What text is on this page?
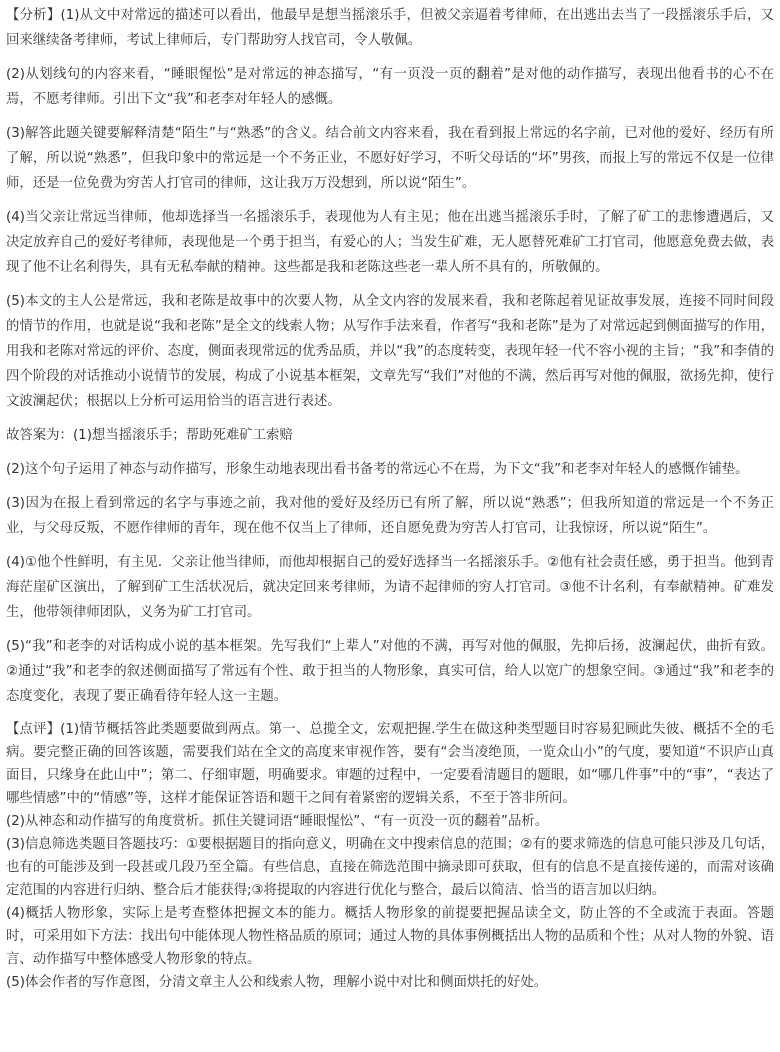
【分析】(1)从文中对常远的描述可以看出，他最早是想当摇滚乐手，但被父亲逼着考律师，在出逃出去当了一段摇滚乐手后，又回来继续备考律师，考试上律师后，专门帮助穷人找官司，令人敬佩。

(2)从划线句的内容来看，“睡眼惺忪”是对常远的神态描写，“有一页没一页的翻着”是对他的动作描写，表现出他看书的心不在焉，不愿考律师。引出下文“我”和老李对年轻人的感慨。

(3)解答此题关键要解释清楚“陌生”与“熟悉”的含义。结合前文内容来看，我在看到报上常远的名字前，已对他的爱好、经历有所了解，所以说“熟悉”，但我印象中的常远是一个不务正业，不愿好好学习，不听父母话的“坏”男孩，而报上写的常远不仅是一位律师，还是一位免费为穷苦人打官司的律师，这让我万万没想到，所以说“陌生”。

(4)当父亲让常远当律师，他却选择当一名摇滚乐手，表现他为人有主见；他在出逃当摇滚乐手时，了解了矿工的悲惨遭遇后，又决定放弃自己的爱好考律师，表现他是一个勇于担当，有爱心的人；当发生矿难，无人愿替死难矿工打官司，他愿意免费去做，表现了他不让名利得失，具有无私奉献的精神。这些都是我和老陈这些老一辈人所不具有的，所敬佩的。

(5)本文的主人公是常远，我和老陈是故事中的次要人物，从全文内容的发展来看，我和老陈起着见证故事发展，连接不同时间段的情节的作用，也就是说“我和老陈”是全文的线索人物；从写作手法来看，作者写“我和老陈”是为了对常远起到侧面描写的作用，用我和老陈对常远的评价、态度，侧面表现常远的优秀品质，并以“我”的态度转变，表现年轻一代不容小视的主旨；“我”和李倩的四个阶段的对话推动小说情节的发展，构成了小说基本框架，文章先写“我们”对他的不满，然后再写对他的佩服，欲扬先抑，使行文波澜起伏；根据以上分析可运用恰当的语言进行表述。

故答案为：(1)想当摇滚乐手；帮助死难矿工索赔

(2)这个句子运用了神态与动作描写，形象生动地表现出看书备考的常远心不在焉，为下文“我”和老李对年轻人的感慨作铺垫。

(3)因为在报上看到常远的名字与事迹之前，我对他的爱好及经历已有所了解，所以说“熟悉”；但我所知道的常远是一个不务正业，与父母反叛，不愿作律师的青年，现在他不仅当上了律师，还自愿免费为穷苦人打官司，让我惊讶，所以说“陌生”。

(4)①他个性鲜明，有主见．父亲让他当律师，而他却根据自己的爱好选择当一名摇滚乐手。②他有社会责任感，勇于担当。他到青海茫崖矿区演出，了解到矿工生活状况后，就决定回来考律师，为请不起律师的穷人打官司。③他不计名利，有奉献精神。矿难发生，他带领律师团队，义务为矿工打官司。

(5)“我”和老李的对话构成小说的基本框架。先写我们“上辈人”对他的不满，再写对他的佩服，先抑后扬，波澜起伏，曲折有致。②通过“我”和老李的叙述侧面描写了常远有个性、敢于担当的人物形象，真实可信，给人以宽广的想象空间。③通过“我”和老李的态度变化，表现了要正确看待年轻人这一主题。

【点评】(1)情节概括答此类题要做到两点。第一、总揽全文，宏观把握.学生在做这种类型题目时容易犯顾此失彼、概括不全的毛病。要完整正确的回答该题，需要我们站在全文的高度来审视作答，要有“会当凌绝顶，一览众山小”的气度，要知道“不识庐山真面目，只缘身在此山中”；第二、仔细审题，明确要求。审题的过程中，一定要看清题目的题眼，如“哪几件事”中的“事”，“表达了哪些情感”中的“情感”等，这样才能保证答语和题干之间有着紧密的逻辑关系，不至于答非所问。

(2)从神态和动作描写的角度赏析。抓住关键词语“睡眼惺忪”、“有一页没一页的翻着”品析。

(3)信息筛选类题目答题技巧：①要根据题目的指向意义，明确在文中搜索信息的范围；②有的要求筛选的信息可能只涉及几句话，也有的可能涉及到一段甚或几段乃至全篇。有些信息，直接在筛选范围中摘录即可获取，但有的信息不是直接传递的，而需对该确定范围的内容进行归纳、整合后才能获得;③将提取的内容进行优化与整合，最后以简洁、恰当的语言加以归纳。

(4)概括人物形象，实际上是考查整体把握文本的能力。概括人物形象的前提要把握品读全文，防止答的不全或流于表面。答题时，可采用如下方法：找出句中能体现人物性格品质的原词；通过人物的具体事例概括出人物的品质和个性；从对人物的外貌、语言、动作描写中整体感受人物形象的特点。

(5)体会作者的写作意图，分清文章主人公和线索人物，理解小说中对比和侧面烘托的好处。
